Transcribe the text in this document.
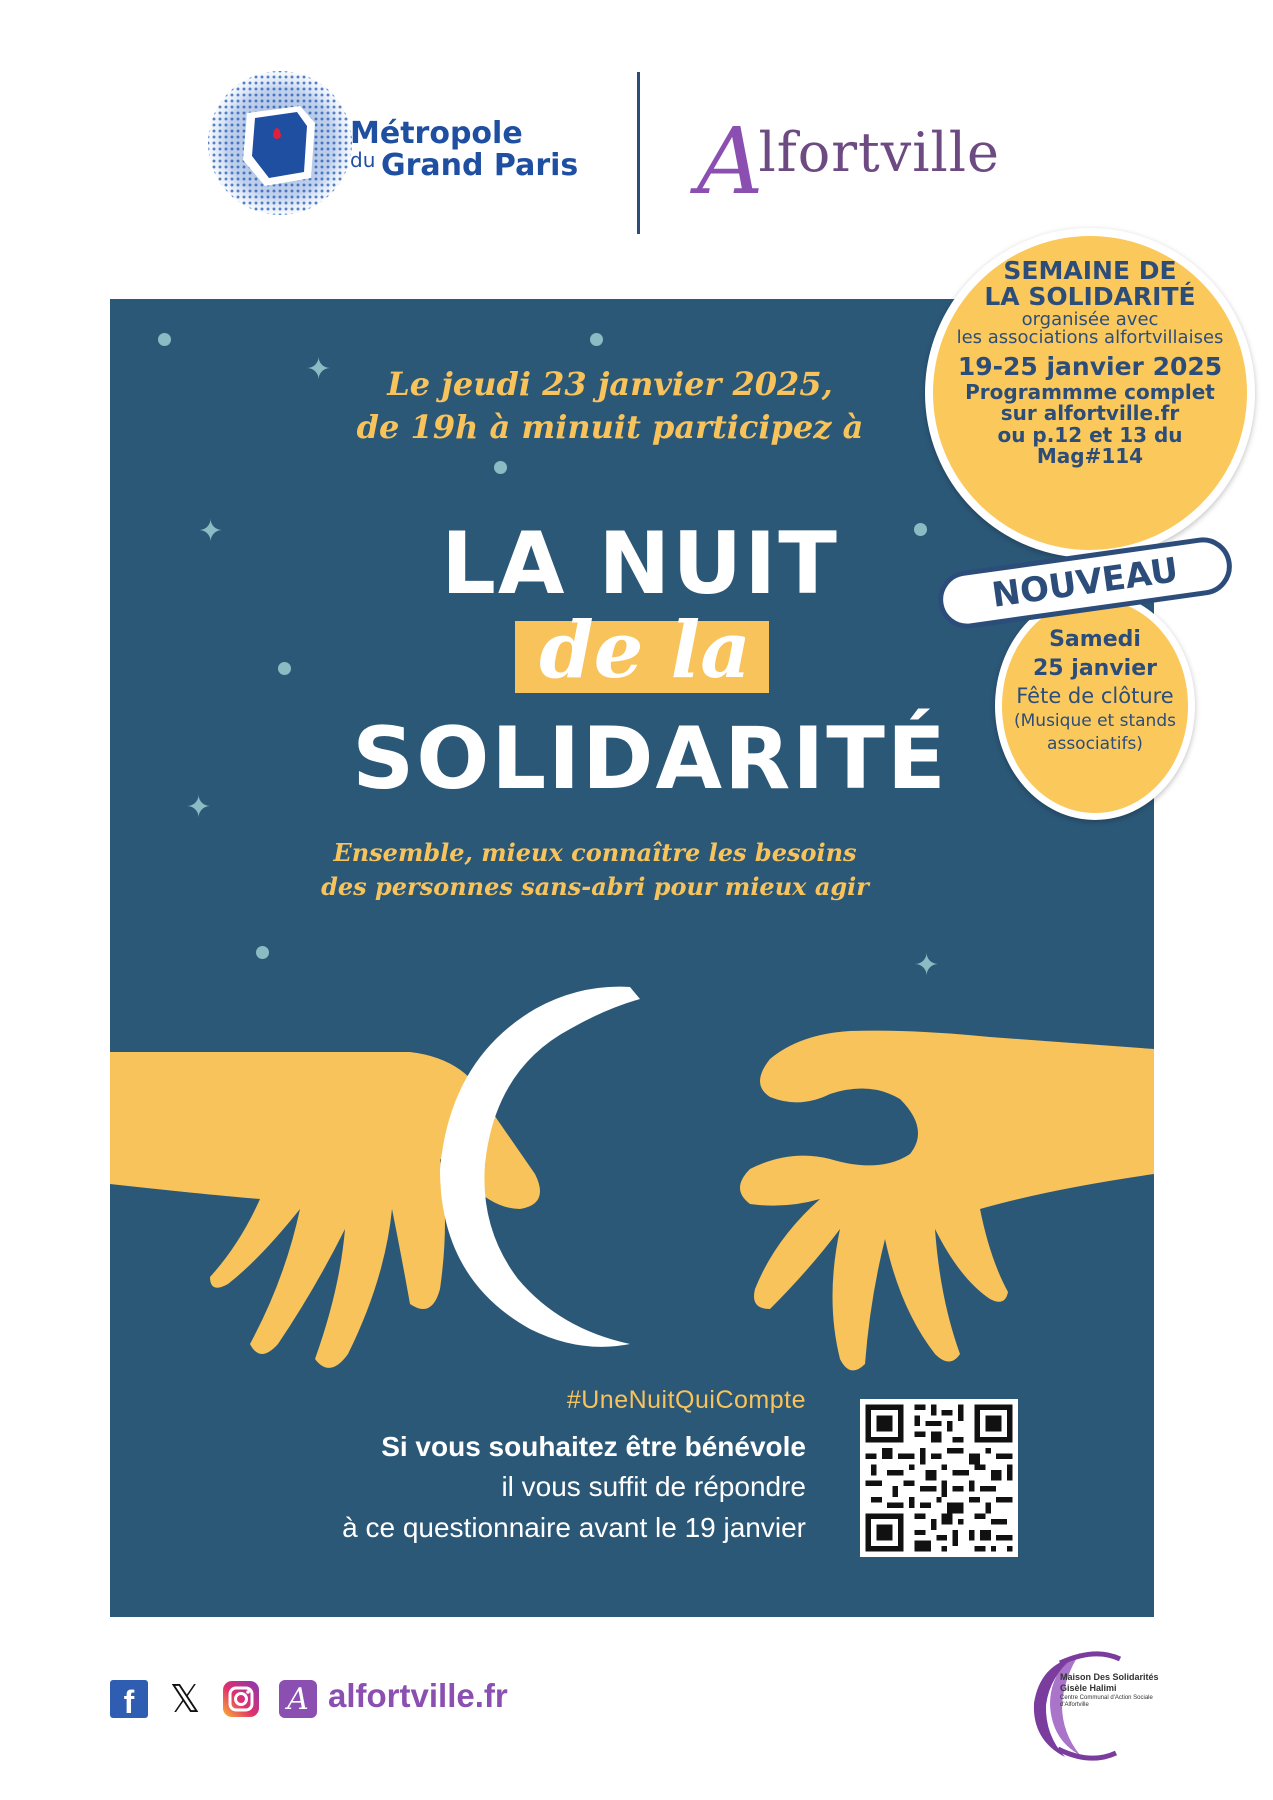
Métropole
du Grand Paris Alfortville
✦
✦
✦
✦
Le jeudi 23 janvier 2025,
de 19h à minuit participez à
LA NUIT
de la
SOLIDARITÉ
Ensemble, mieux connaître les besoins
des personnes sans-abri pour mieux agir
#UneNuitQuiCompte
Si vous souhaitez être bénévole
il vous suffit de répondre
à ce questionnaire avant le 19 janvier
SEMAINE DE
LA SOLIDARITÉ
organisée avec
les associations alfortvillaises
19-25 janvier 2025
Programmme complet
sur alfortville.fr
ou p.12 et 13 du
Mag#114
Samedi
25 janvier
Fête de clôture
(Musique et stands
associatifs)
NOUVEAU
f 𝕏	A alfortville.fr	Maison Des Solidarités
Gisèle Halimi
Centre Communal d'Action Sociale d'Alfortville
